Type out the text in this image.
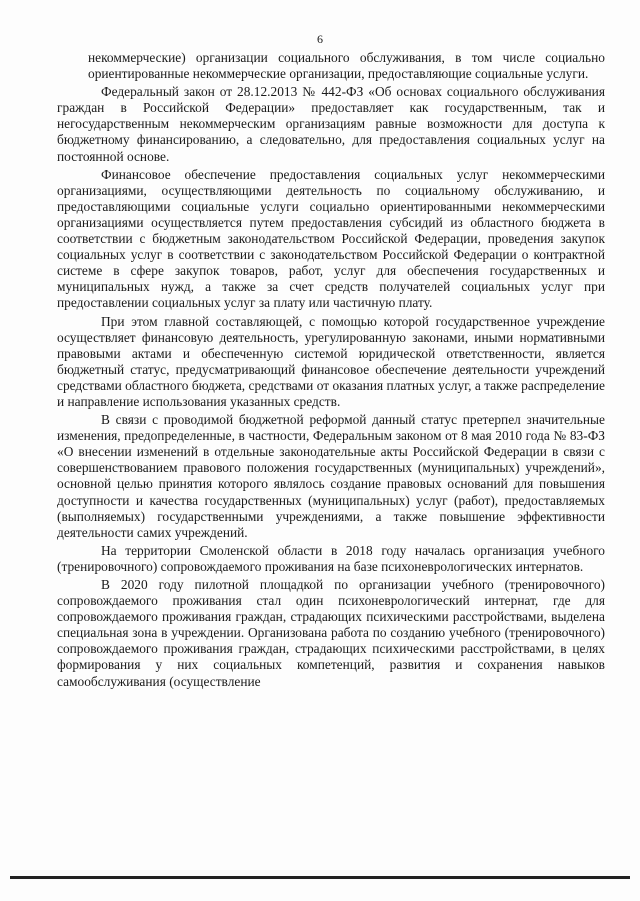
6

некоммерческие) организации социального обслуживания, в том числе социально ориентированные некоммерческие организации, предоставляющие социальные услуги.

Федеральный закон от 28.12.2013 № 442-ФЗ «Об основах социального обслуживания граждан в Российской Федерации» предоставляет как государственным, так и негосударственным некоммерческим организациям равные возможности для доступа к бюджетному финансированию, а следовательно, для предоставления социальных услуг на постоянной основе.

Финансовое обеспечение предоставления социальных услуг некоммерческими организациями, осуществляющими деятельность по социальному обслуживанию, и предоставляющими социальные услуги социально ориентированными некоммерческими организациями осуществляется путем предоставления субсидий из областного бюджета в соответствии с бюджетным законодательством Российской Федерации, проведения закупок социальных услуг в соответствии с законодательством Российской Федерации о контрактной системе в сфере закупок товаров, работ, услуг для обеспечения государственных и муниципальных нужд, а также за счет средств получателей социальных услуг при предоставлении социальных услуг за плату или частичную плату.

При этом главной составляющей, с помощью которой государственное учреждение осуществляет финансовую деятельность, урегулированную законами, иными нормативными правовыми актами и обеспеченную системой юридической ответственности, является бюджетный статус, предусматривающий финансовое обеспечение деятельности учреждений средствами областного бюджета, средствами от оказания платных услуг, а также распределение и направление использования указанных средств.

В связи с проводимой бюджетной реформой данный статус претерпел значительные изменения, предопределенные, в частности, Федеральным законом от 8 мая 2010 года № 83-ФЗ «О внесении изменений в отдельные законодательные акты Российской Федерации в связи с совершенствованием правового положения государственных (муниципальных) учреждений», основной целью принятия которого являлось создание правовых оснований для повышения доступности и качества государственных (муниципальных) услуг (работ), предоставляемых (выполняемых) государственными учреждениями, а также повышение эффективности деятельности самих учреждений.

На территории Смоленской области в 2018 году началась организация учебного (тренировочного) сопровождаемого проживания на базе психоневрологических интернатов.

В 2020 году пилотной площадкой по организации учебного (тренировочного) сопровождаемого проживания стал один психоневрологический интернат, где для сопровождаемого проживания граждан, страдающих психическими расстройствами, выделена специальная зона в учреждении. Организована работа по созданию учебного (тренировочного) сопровождаемого проживания граждан, страдающих психическими расстройствами, в целях формирования у них социальных компетенций, развития и сохранения навыков самообслуживания (осуществление
